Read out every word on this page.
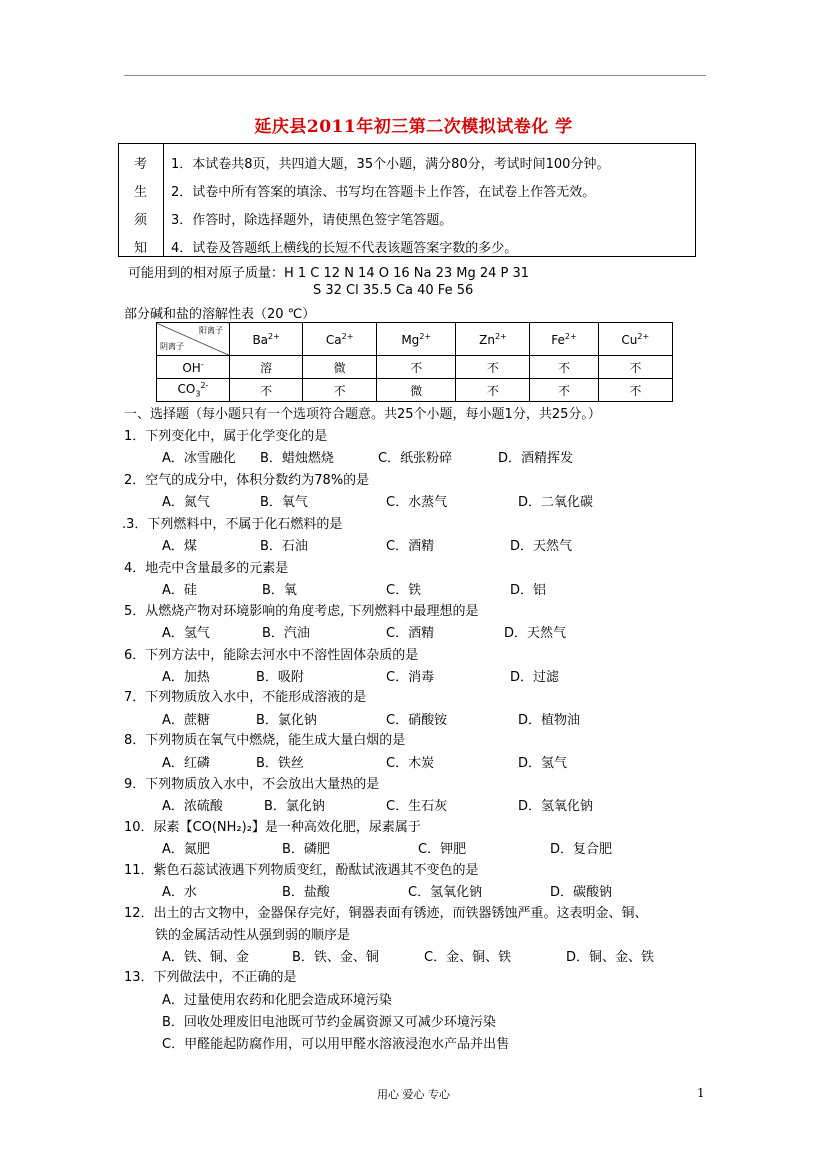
延庆县2011年初三第二次模拟试卷化 学
考
生
须
知
1．本试卷共8页，共四道大题，35个小题，满分80分，考试时间100分钟。
2．试卷中所有答案的填涂、书写均在答题卡上作答，在试卷上作答无效。
3．作答时，除选择题外，请使黑色签字笔答题。
4．试卷及答题纸上横线的长短不代表该题答案字数的多少。
可能用到的相对原子质量：H 1 C 12 N 14 O 16 Na 23 Mg 24 P 31
S 32 Cl 35.5 Ca 40 Fe 56
部分碱和盐的溶解性表（20 ℃）
阳离子
阴离子	$Ba^{2+}$	$Ca^{2+}$	$Mg^{2+}$	$Zn^{2+}$	$Fe^{2+}$	$Cu^{2+}$
OH-	溶	微	不	不	不	不
$CO_3^{2-}$	不	不	微	不	不	不
一、选择题（每小题只有一个选项符合题意。共25个小题，每小题1分，共25分。）
1．下列变化中，属于化学变化的是
A．冰雪融化 B．蜡烛燃烧	C．纸张粉碎	D．酒精挥发
2．空气的成分中，体积分数约为78%的是
A．氮气	B．氧气	C．水蒸气	D．二氧化碳
.3．下列燃料中，不属于化石燃料的是
A．煤	B．石油	C．酒精	D．天然气
4．地壳中含量最多的元素是
A．硅	B．氧	C．铁	D．铝
5．从燃烧产物对环境影响的角度考虑, 下列燃料中最理想的是
A．氢气	B．汽油	C．酒精	D．天然气
6．下列方法中，能除去河水中不溶性固体杂质的是
A．加热	B．吸附	C．消毒	D．过滤
7．下列物质放入水中，不能形成溶液的是
A．蔗糖	B．氯化钠	C．硝酸铵	D．植物油
8．下列物质在氧气中燃烧，能生成大量白烟的是
A．红磷	B．铁丝	C．木炭	D．氢气
9．下列物质放入水中，不会放出大量热的是
A．浓硫酸	B．氯化钠	C．生石灰	D．氢氧化钠
10．尿素【CO(NH₂)₂】是一种高效化肥，尿素属于
A．氮肥	B．磷肥	C．钾肥	D．复合肥
11．紫色石蕊试液遇下列物质变红，酚酞试液遇其不变色的是
A．水	B．盐酸	C．氢氧化钠	D．碳酸钠
12．出土的古文物中，金器保存完好，铜器表面有锈迹，而铁器锈蚀严重。这表明金、铜、
铁的金属活动性从强到弱的顺序是
A．铁、铜、金	B．铁、金、铜	C．金、铜、铁	D．铜、金、铁
13．下列做法中，不正确的是
A．过量使用农药和化肥会造成环境污染
B．回收处理废旧电池既可节约金属资源又可减少环境污染
C．甲醛能起防腐作用，可以用甲醛水溶液浸泡水产品并出售
用心 爱心 专心	1
